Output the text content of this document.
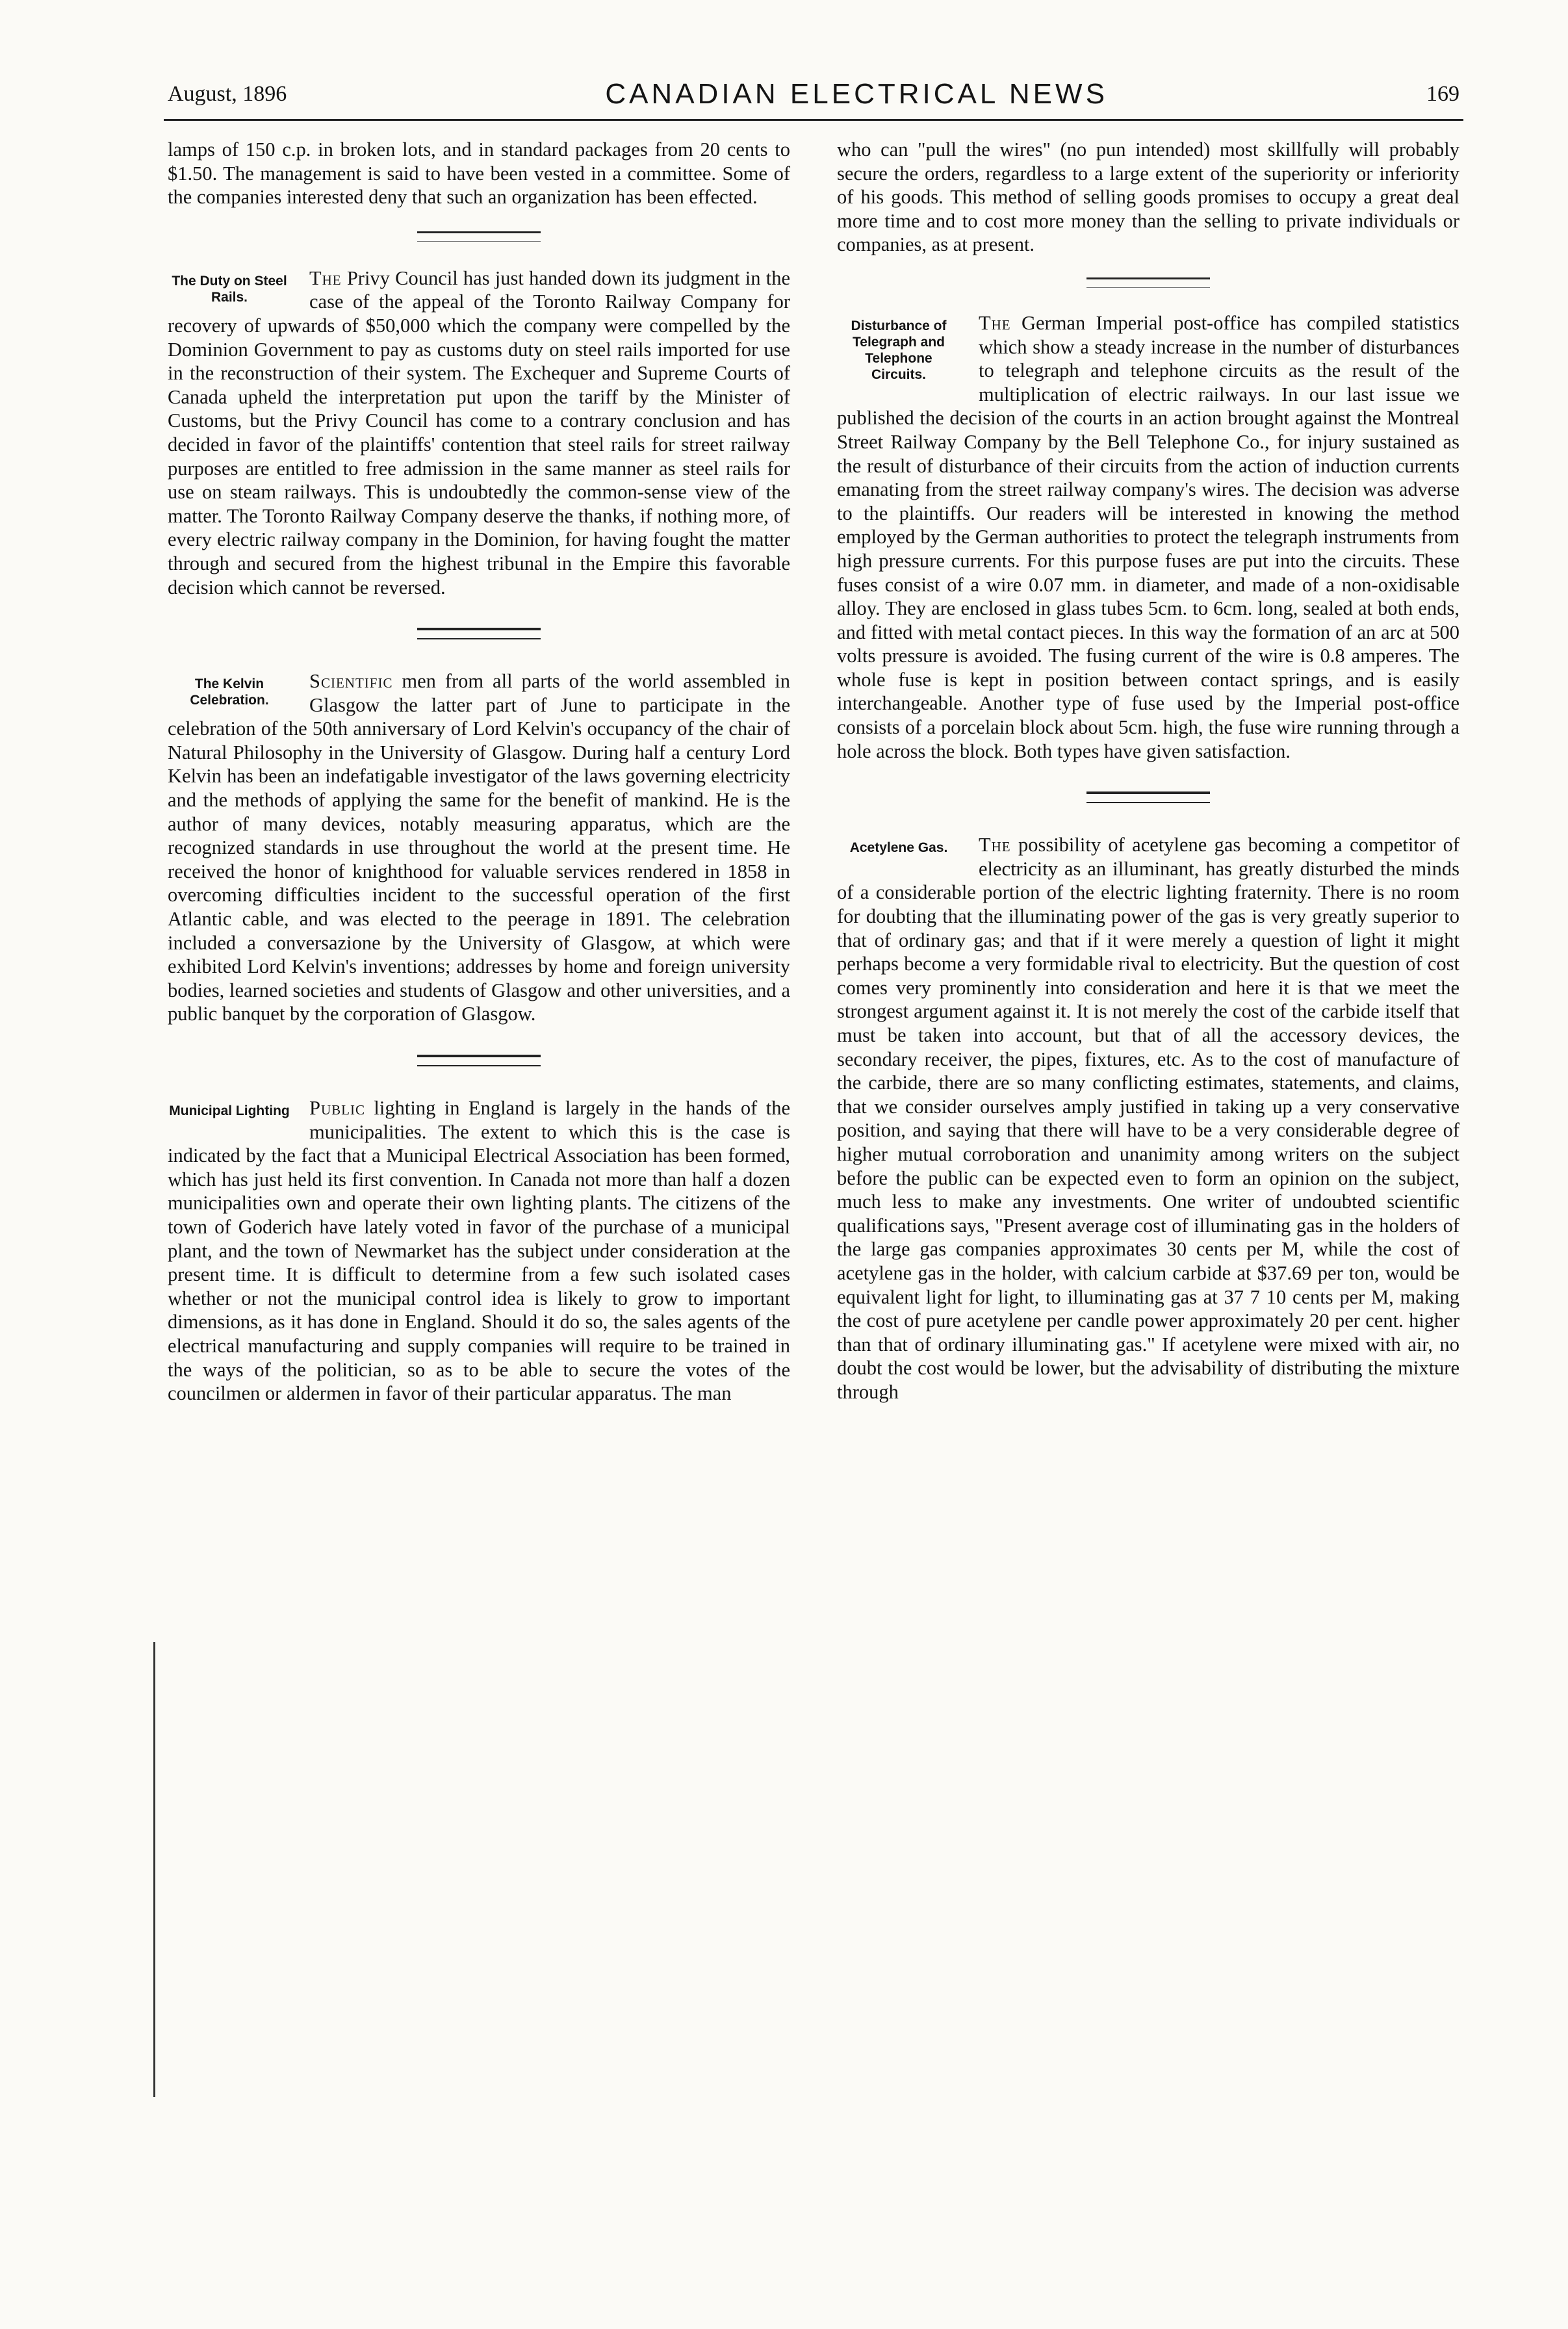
August, 1896	CANADIAN ELECTRICAL NEWS	169

lamps of 150 c.p. in broken lots, and in standard packages from 20 cents to $1.50. The management is said to have been vested in a committee. Some of the companies interested deny that such an organization has been effected.

The Duty on Steel Rails.

The Privy Council has just handed down its judgment in the case of the appeal of the Toronto Railway Company for recovery of upwards of $50,000 which the company were compelled by the Dominion Government to pay as customs duty on steel rails imported for use in the reconstruction of their system. The Exchequer and Supreme Courts of Canada upheld the interpretation put upon the tariff by the Minister of Customs, but the Privy Council has come to a contrary conclusion and has decided in favor of the plaintiffs' contention that steel rails for street railway purposes are entitled to free admission in the same manner as steel rails for use on steam railways. This is undoubtedly the common-sense view of the matter. The Toronto Railway Company deserve the thanks, if nothing more, of every electric railway company in the Dominion, for having fought the matter through and secured from the highest tribunal in the Empire this favorable decision which cannot be reversed.

The Kelvin Celebration.

Scientific men from all parts of the world assembled in Glasgow the latter part of June to participate in the celebration of the 50th anniversary of Lord Kelvin's occupancy of the chair of Natural Philosophy in the University of Glasgow. During half a century Lord Kelvin has been an indefatigable investigator of the laws governing electricity and the methods of applying the same for the benefit of mankind. He is the author of many devices, notably measuring apparatus, which are the recognized standards in use throughout the world at the present time. He received the honor of knighthood for valuable services rendered in 1858 in overcoming difficulties incident to the successful operation of the first Atlantic cable, and was elected to the peerage in 1891. The celebration included a conversazione by the University of Glasgow, at which were exhibited Lord Kelvin's inventions; addresses by home and foreign university bodies, learned societies and students of Glasgow and other universities, and a public banquet by the corporation of Glasgow.

Municipal Lighting Public lighting in England is largely in the hands of the municipalities. The extent to which this is the case is indicated by the fact that a Municipal Electrical Association has been formed, which has just held its first convention. In Canada not more than half a dozen municipalities own and operate their own lighting plants. The citizens of the town of Goderich have lately voted in favor of the purchase of a municipal plant, and the town of Newmarket has the subject under consideration at the present time. It is difficult to determine from a few such isolated cases whether or not the municipal control idea is likely to grow to important dimensions, as it has done in England. Should it do so, the sales agents of the electrical manufacturing and supply companies will require to be trained in the ways of the politician, so as to be able to secure the votes of the councilmen or aldermen in favor of their particular apparatus. The man

who can "pull the wires" (no pun intended) most skillfully will probably secure the orders, regardless to a large extent of the superiority or inferiority of his goods. This method of selling goods promises to occupy a great deal more time and to cost more money than the selling to private individuals or companies, as at present.

Disturbance of Telegraph and Telephone Circuits.

The German Imperial post-office has compiled statistics which show a steady increase in the number of disturbances to telegraph and telephone circuits as the result of the multiplication of electric railways. In our last issue we published the decision of the courts in an action brought against the Montreal Street Railway Company by the Bell Telephone Co., for injury sustained as the result of disturbance of their circuits from the action of induction currents emanating from the street railway company's wires. The decision was adverse to the plaintiffs. Our readers will be interested in knowing the method employed by the German authorities to protect the telegraph instruments from high pressure currents. For this purpose fuses are put into the circuits. These fuses consist of a wire 0.07 mm. in diameter, and made of a non-oxidisable alloy. They are enclosed in glass tubes 5cm. to 6cm. long, sealed at both ends, and fitted with metal contact pieces. In this way the formation of an arc at 500 volts pressure is avoided. The fusing current of the wire is 0.8 amperes. The whole fuse is kept in position between contact springs, and is easily interchangeable. Another type of fuse used by the Imperial post-office consists of a porcelain block about 5cm. high, the fuse wire running through a hole across the block. Both types have given satisfaction.

Acetylene Gas.	The possibility of acetylene gas becoming a competitor of electricity as an illuminant, has greatly disturbed the minds of a considerable portion of the electric lighting fraternity. There is no room for doubting that the illuminating power of the gas is very greatly superior to that of ordinary gas; and that if it were merely a question of light it might perhaps become a very formidable rival to electricity. But the question of cost comes very prominently into consideration and here it is that we meet the strongest argument against it. It is not merely the cost of the carbide itself that must be taken into account, but that of all the accessory devices, the secondary receiver, the pipes, fixtures, etc. As to the cost of manufacture of the carbide, there are so many conflicting estimates, statements, and claims, that we consider ourselves amply justified in taking up a very conservative position, and saying that there will have to be a very considerable degree of higher mutual corroboration and unanimity among writers on the subject before the public can be expected even to form an opinion on the subject, much less to make any investments. One writer of undoubted scientific qualifications says, "Present average cost of illuminating gas in the holders of the large gas companies approximates 30 cents per M, while the cost of acetylene gas in the holder, with calcium carbide at $37.69 per ton, would be equivalent light for light, to illuminating gas at 37 7 10 cents per M, making the cost of pure acetylene per candle power approximately 20 per cent. higher than that of ordinary illuminating gas." If acetylene were mixed with air, no doubt the cost would be lower, but the advisability of distributing the mixture through
